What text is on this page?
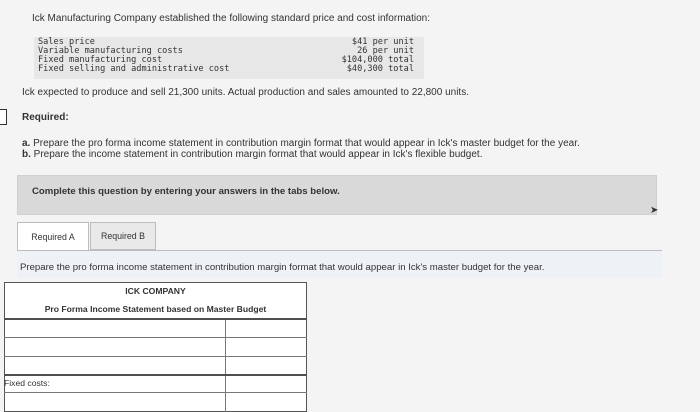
Ick Manufacturing Company established the following standard price and cost information:
Sales price	$41 per unit
Variable manufacturing costs	26 per unit
Fixed manufacturing cost	$104,000 total
Fixed selling and administrative cost	$40,300 total
Ick expected to produce and sell 21,300 units. Actual production and sales amounted to 22,800 units.
Required:
a. Prepare the pro forma income statement in contribution margin format that would appear in Ick's master budget for the year.
b. Prepare the income statement in contribution margin format that would appear in Ick's flexible budget.
Complete this question by entering your answers in the tabs below.
➤
Required A	Required B
Prepare the pro forma income statement in contribution margin format that would appear in Ick's master budget for the year.
ICK COMPANY
Pro Forma Income Statement based on Master Budget
Fixed costs:
